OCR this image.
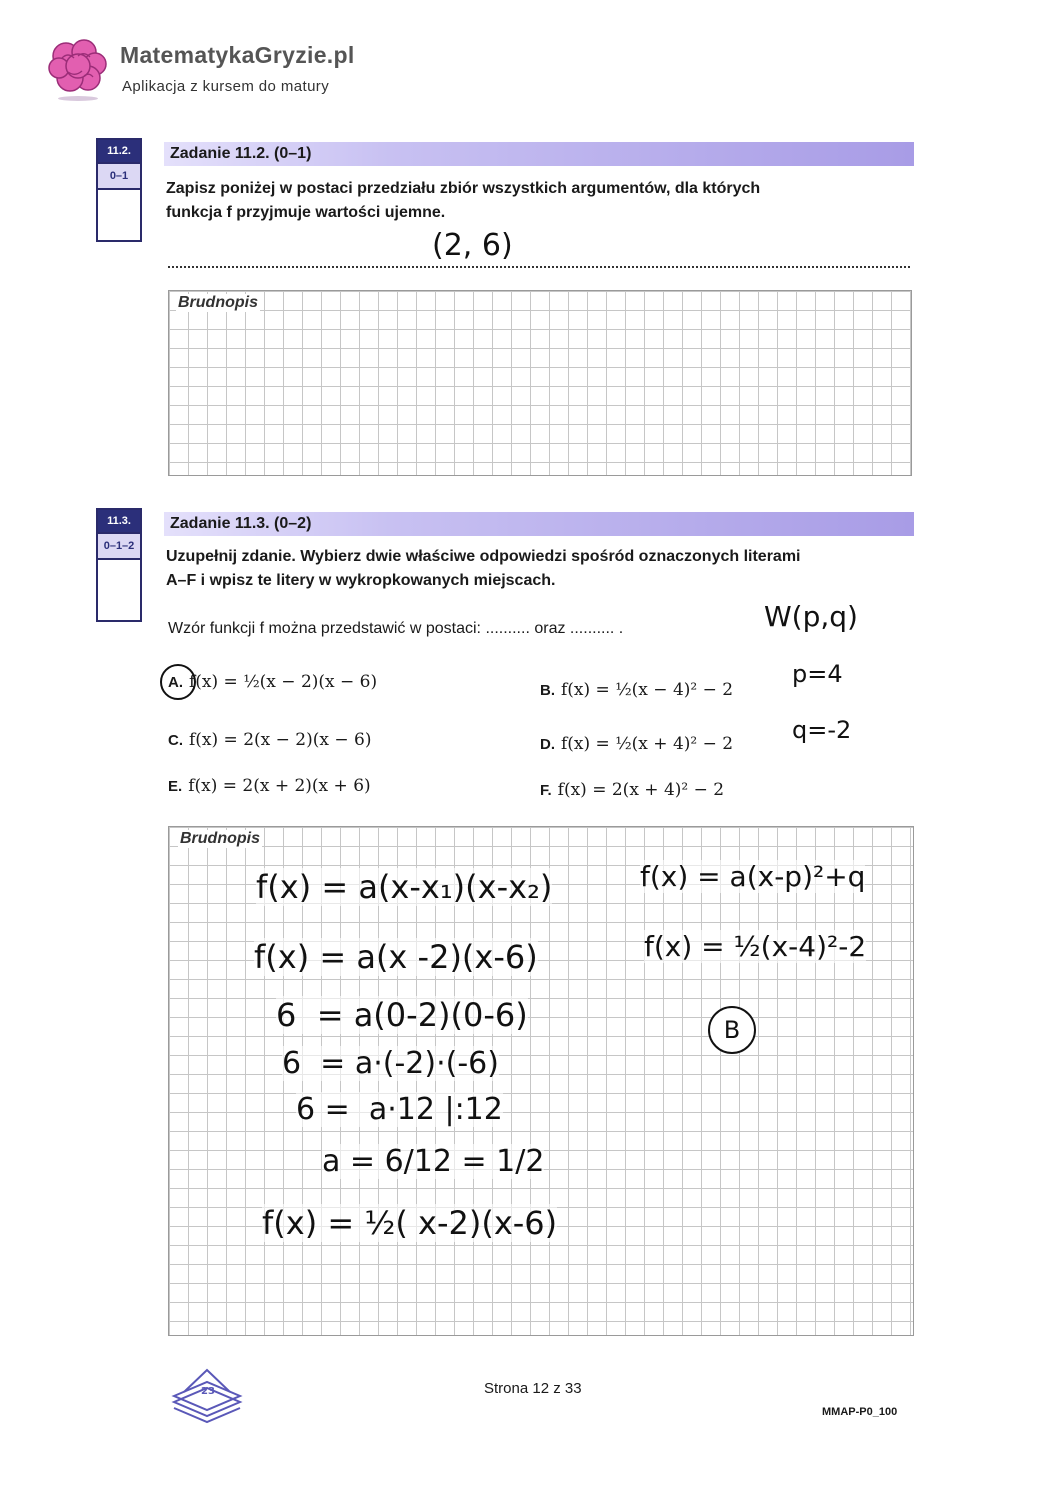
MatematykaGryzie.pl
Aplikacja z kursem do matury
11.2.
0–1
Zadanie 11.2. (0–1)
Zapisz poniżej w postaci przedziału zbiór wszystkich argumentów, dla których
funkcja f przyjmuje wartości ujemne.
(2, 6)
Brudnopis
11.3.
0–1–2
Zadanie 11.3. (0–2)
Uzupełnij zdanie. Wybierz dwie właściwe odpowiedzi spośród oznaczonych literami
A–F i wpisz te litery w wykropkowanych miejscach.
Wzór funkcji f można przedstawić w postaci: .......... oraz .......... .	W(p,q)
p=4
q=-2
A. f(x) = ½(x − 2)(x − 6)	B. f(x) = ½(x − 4)² − 2
C. f(x) = 2(x − 2)(x − 6)	D. f(x) = ½(x + 4)² − 2
E. f(x) = 2(x + 2)(x + 6)	F. f(x) = 2(x + 4)² − 2
Brudnopis
f(x) = a(x-x₁)(x-x₂)
f(x) = a(x -2)(x-6)
6  = a(0-2)(0-6)
6  = a·(-2)·(-6)
6 =  a·12 |:12
a = 6/12 = 1/2
f(x) = ½( x-2)(x-6)
f(x) = a(x-p)²+q
f(x) = ½(x-4)²-2
B
23	Strona 12 z 33
MMAP-P0_100
